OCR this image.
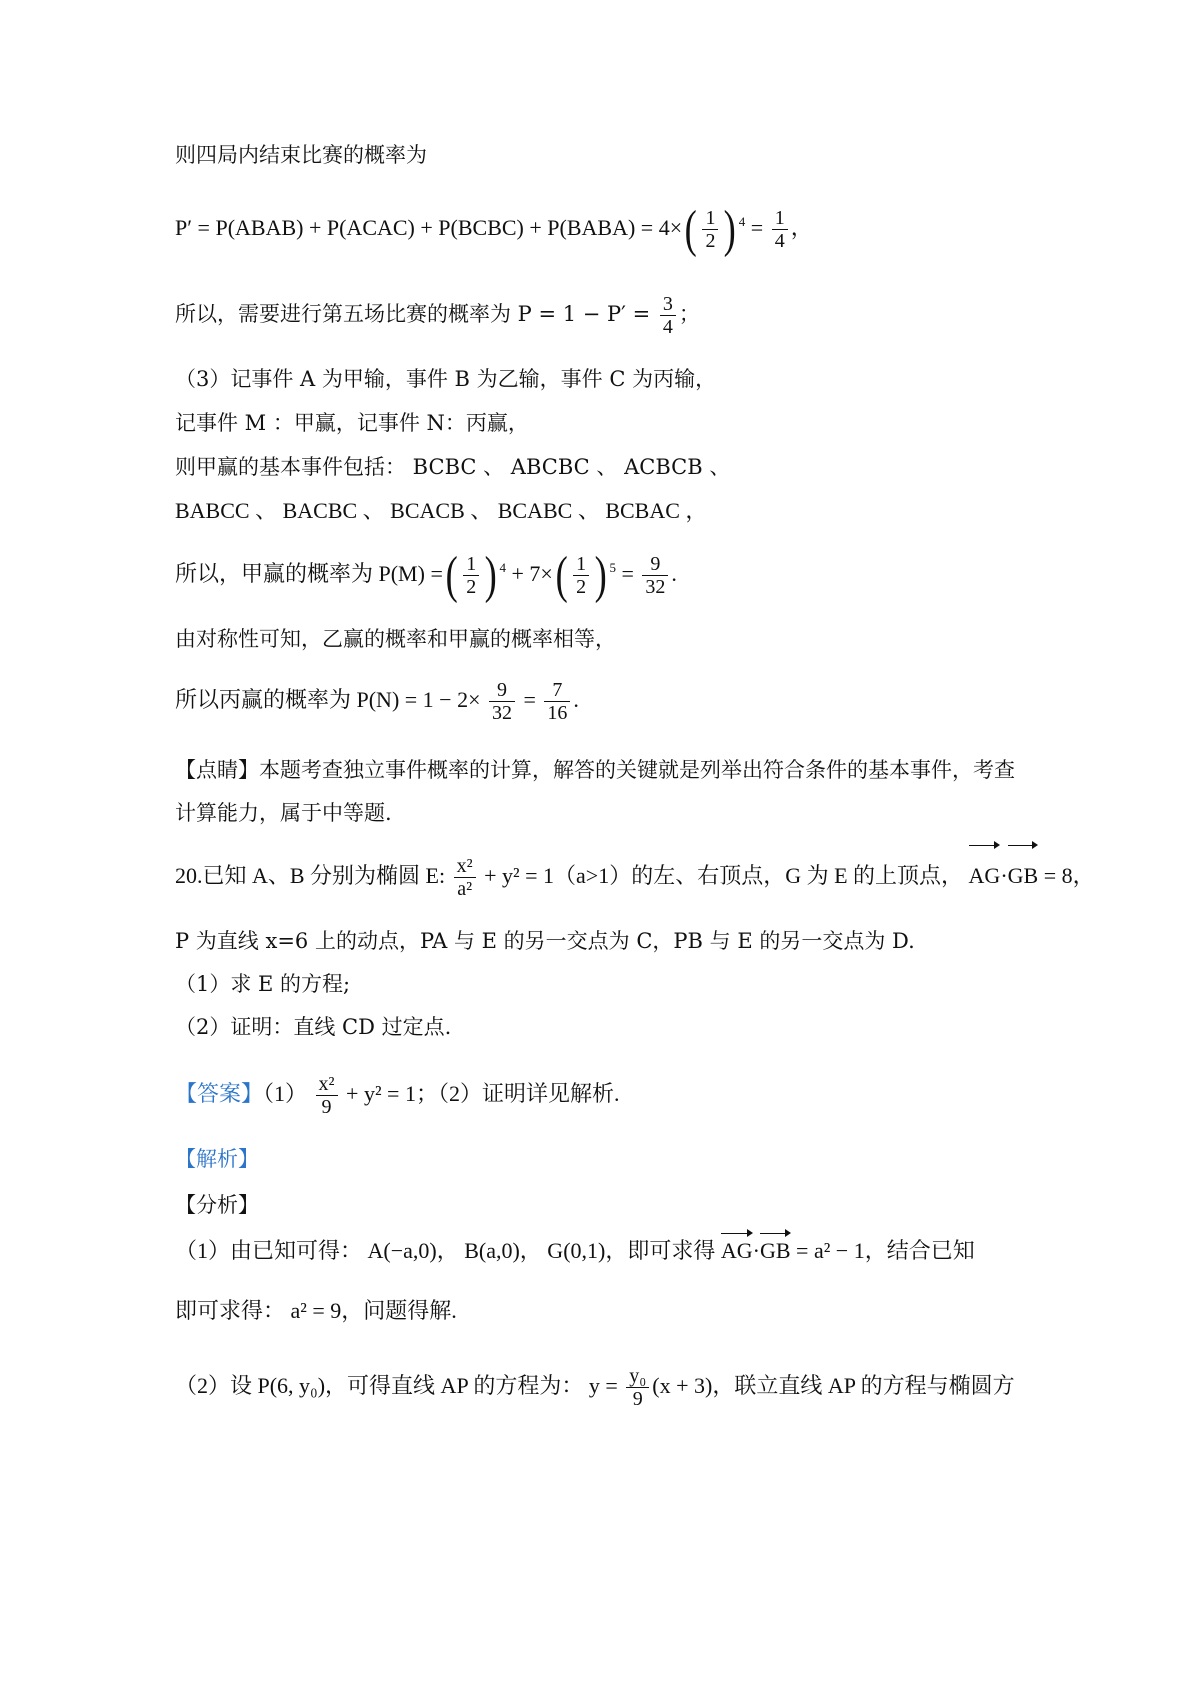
则四局内结束比赛的概率为
P′ = P(ABAB) + P(ACAC) + P(BCBC) + P(BABA) = $4\times( \frac{1}{2}$ ) $^4 = \frac{1}{4}$ ，
所以，需要进行第五场比赛的概率为 $P = 1 - P' = \frac{3}{4}$ ；
（3）记事件 A 为甲输，事件 B 为乙输，事件 C 为丙输，
记事件 M ：甲赢，记事件 N：丙赢，
则甲赢的基本事件包括： BCBC 、 ABCBC 、 ACBCB 、
BABCC 、 BACBC 、 BCACB 、 BCABC 、 BCBAC ，
所以，甲赢的概率为 P(M) =( $\frac{1}{2}$ ) $^4 + 7\times( \frac{1}{2}$ ) $^5 = \frac{9}{32}$ .
由对称性可知，乙赢的概率和甲赢的概率相等，
所以丙赢的概率为 $P(N) = 1 - 2\times \frac{9}{32} = \frac{7}{16}$ .
【点睛】本题考查独立事件概率的计算，解答的关键就是列举出符合条件的基本事件，考查
计算能力，属于中等题.
20.已知 A、B 分别为椭圆 E: $\frac{\text{x²}}{\text{a²}} + y^2 = 1(a>1)$的左、右顶点，G 为 E 的上顶点， AG·GB = 8，
P 为直线 x=6 上的动点，PA 与 E 的另一交点为 C，PB 与 E 的另一交点为 D.
（1）求 E 的方程;
（2）证明：直线 CD 过定点.
【答案】$(1) \frac{\text{x²}}{9} + y^2 = 1$；（2）证明详见解析.
【解析】
【分析】
（1）由已知可得： A(−a,0)， B(a,0)， G(0,1)，即可求得 AG·GB = a² − 1，结合已知
即可求得： a² = 9，问题得解.
（2）设 P(6, y₀)，可得直线 AP 的方程为： $y = \frac{\text{y₀}}{9} (x + 3)$，联立直线 AP 的方程与椭圆方
